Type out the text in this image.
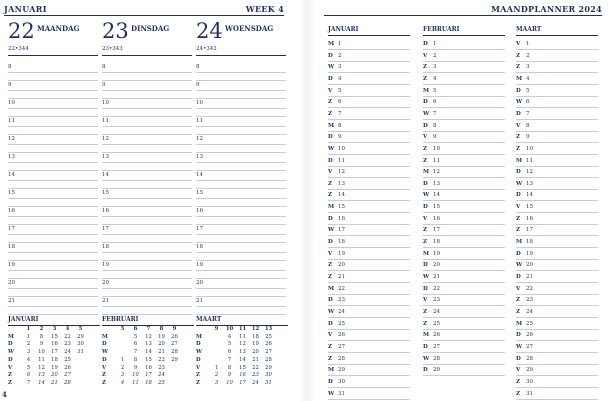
JANUARI	WEEK 4
22 MAANDAG
22•344
8
9
10
11
12
13
14
15
16
17
18
19
20
21
23 DINSDAG
23•343
8
9
10
11
12
13
14
15
16
17
18
19
20
21
24 WOENSDAG
24•342
8
9
10
11
12
13
14
15
16
17
18
19
20
21
JANUARI
	1	2	3	4	5
M	1	8	15	22	29
D	2	9	16	23	30
W	3	10	17	24	31
D	4	11	18	25	
V	5	12	19	26	
Z	6	13	20	27	
Z	7	14	21	28	
FEBRUARI
	5	6	7	8	9
M		5	12	19	26
D		6	13	20	27
W		7	14	21	28
D	1	8	15	22	29
V	2	9	16	23	
Z	3	10	17	24	
Z	4	11	18	25	
MAART
	9	10	11	12	13
M		4	11	18	25
D		5	12	19	26
W		6	13	20	27
D		7	14	21	28
V	1	8	15	22	29
Z	2	9	16	23	30
Z	3	10	17	24	31
4
MAANDPLANNER 2024
JANUARI
M 1
D 2
W 3
D 4
V 5
Z 6
Z 7
M 8
D 9
W 10
D 11
V 12
Z 13
Z 14
M 15
D 16
W 17
D 18
V 19
Z 20
Z 21
M 22
D 23
W 24
D 25
V 26
Z 27
Z 28
M 29
D 30
W 31
FEBRUARI
D 1
V 2
Z 3
Z 4
M 5
D 6
W 7
D 8
V 9
Z 10
Z 11
M 12
D 13
W 14
D 15
V 16
Z 17
Z 18
M 19
D 20
W 21
D 22
V 23
Z 24
Z 25
M 26
D 27
W 28
D 29
MAART
V 1
Z 2
Z 3
M 4
D 5
W 6
D 7
V 8
Z 9
Z 10
M 11
D 12
W 13
D 14
V 15
Z 16
Z 17
M 18
D 19
W 20
D 21
V 22
Z 23
Z 24
M 25
D 26
W 27
D 28
V 29
Z 30
Z 31
